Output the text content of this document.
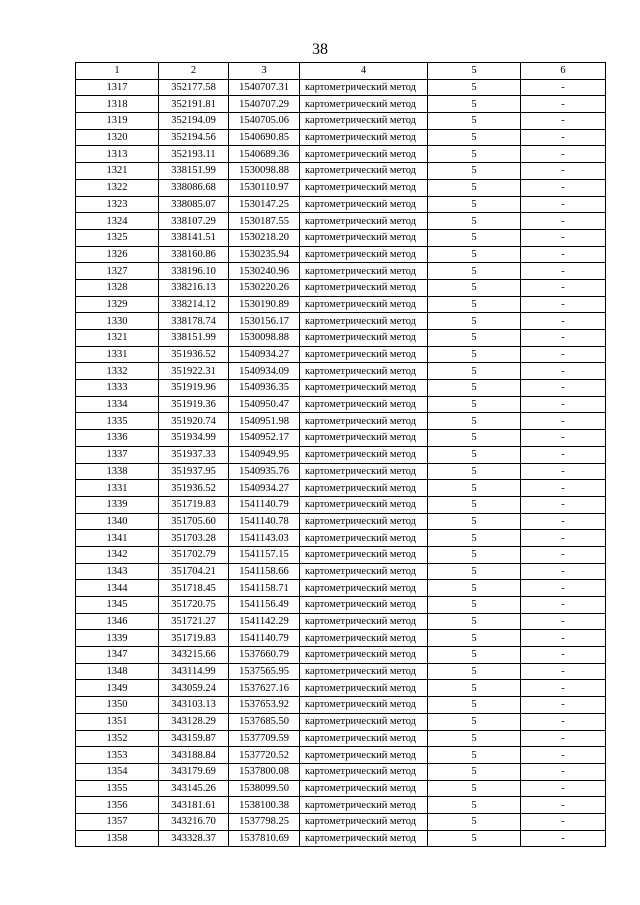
38
1	2	3	4	5	6
1317	352177.58	1540707.31	картометрический метод	5	-
1318	352191.81	1540707.29	картометрический метод	5	-
1319	352194.09	1540705.06	картометрический метод	5	-
1320	352194.56	1540690.85	картометрический метод	5	-
1313	352193.11	1540689.36	картометрический метод	5	-
1321	338151.99	1530098.88	картометрический метод	5	-
1322	338086.68	1530110.97	картометрический метод	5	-
1323	338085.07	1530147.25	картометрический метод	5	-
1324	338107.29	1530187.55	картометрический метод	5	-
1325	338141.51	1530218.20	картометрический метод	5	-
1326	338160.86	1530235.94	картометрический метод	5	-
1327	338196.10	1530240.96	картометрический метод	5	-
1328	338216.13	1530220.26	картометрический метод	5	-
1329	338214.12	1530190.89	картометрический метод	5	-
1330	338178.74	1530156.17	картометрический метод	5	-
1321	338151.99	1530098.88	картометрический метод	5	-
1331	351936.52	1540934.27	картометрический метод	5	-
1332	351922.31	1540934.09	картометрический метод	5	-
1333	351919.96	1540936.35	картометрический метод	5	-
1334	351919.36	1540950.47	картометрический метод	5	-
1335	351920.74	1540951.98	картометрический метод	5	-
1336	351934.99	1540952.17	картометрический метод	5	-
1337	351937.33	1540949.95	картометрический метод	5	-
1338	351937.95	1540935.76	картометрический метод	5	-
1331	351936.52	1540934.27	картометрический метод	5	-
1339	351719.83	1541140.79	картометрический метод	5	-
1340	351705.60	1541140.78	картометрический метод	5	-
1341	351703.28	1541143.03	картометрический метод	5	-
1342	351702.79	1541157.15	картометрический метод	5	-
1343	351704.21	1541158.66	картометрический метод	5	-
1344	351718.45	1541158.71	картометрический метод	5	-
1345	351720.75	1541156.49	картометрический метод	5	-
1346	351721.27	1541142.29	картометрический метод	5	-
1339	351719.83	1541140.79	картометрический метод	5	-
1347	343215.66	1537660.79	картометрический метод	5	-
1348	343114.99	1537565.95	картометрический метод	5	-
1349	343059.24	1537627.16	картометрический метод	5	-
1350	343103.13	1537653.92	картометрический метод	5	-
1351	343128.29	1537685.50	картометрический метод	5	-
1352	343159.87	1537709.59	картометрический метод	5	-
1353	343188.84	1537720.52	картометрический метод	5	-
1354	343179.69	1537800.08	картометрический метод	5	-
1355	343145.26	1538099.50	картометрический метод	5	-
1356	343181.61	1538100.38	картометрический метод	5	-
1357	343216.70	1537798.25	картометрический метод	5	-
1358	343328.37	1537810.69	картометрический метод	5	-
